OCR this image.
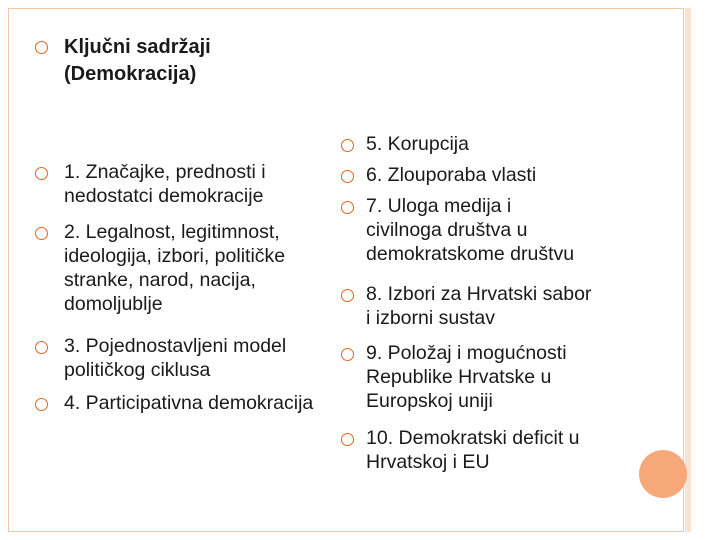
Ključni sadržaji
(Demokracija)
1. Značajke, prednosti i
nedostatci demokracije
2. Legalnost, legitimnost,
ideologija, izbori, političke
stranke, narod, nacija,
domoljublje
3. Pojednostavljeni model
političkog ciklusa
4. Participativna demokracija
5. Korupcija
6. Zlouporaba vlasti
7. Uloga medija i
civilnoga društva u
demokratskome društvu
8. Izbori za Hrvatski sabor
i izborni sustav
9. Položaj i mogućnosti
Republike Hrvatske u
Europskoj uniji
10. Demokratski deficit u
Hrvatskoj i EU
